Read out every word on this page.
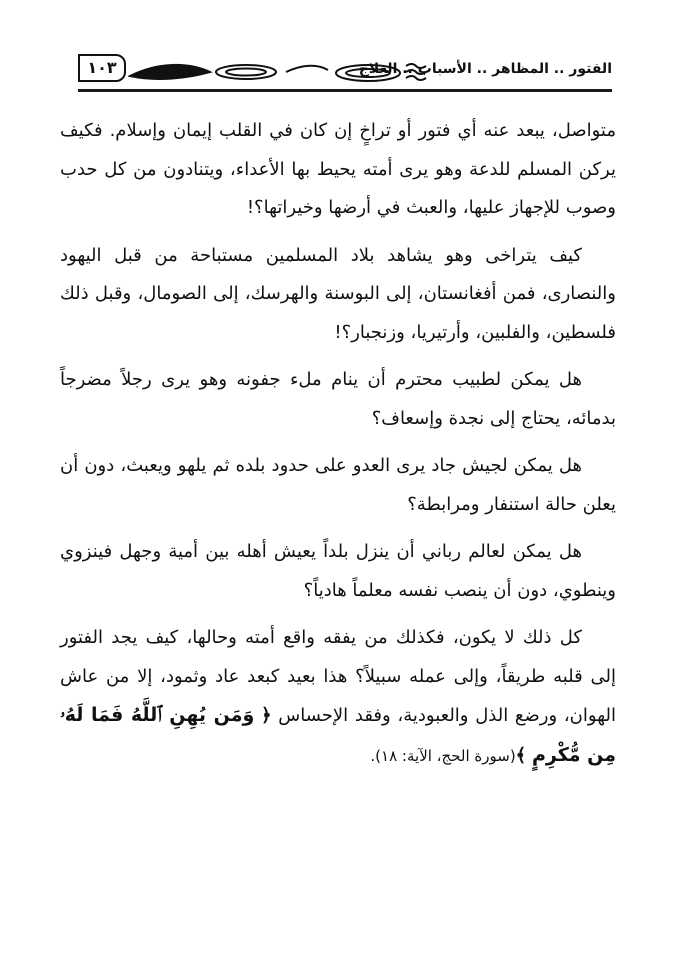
الفتور .. المظاهر .. الأسباب .. العلاج
١٠٣

متواصل، يبعد عنه أي فتور أو تراخٍ إن كان في القلب إيمان وإسلام. فكيف يركن المسلم للدعة وهو يرى أمته يحيط بها الأعداء، ويتنادون من كل حدب وصوب للإجهاز عليها، والعبث في أرضها وخيراتها؟!

كيف يتراخى وهو يشاهد بلاد المسلمين مستباحة من قبل اليهود والنصارى، فمن أفغانستان، إلى البوسنة والهرسك، إلى الصومال، وقبل ذلك فلسطين، والفلبين، وأرتيريا، وزنجبار؟!

هل يمكن لطبيب محترم أن ينام ملء جفونه وهو يرى رجلاً مضرجاً بدمائه، يحتاج إلى نجدة وإسعاف؟

هل يمكن لجيش جاد يرى العدو على حدود بلده ثم يلهو ويعبث، دون أن يعلن حالة استنفار ومرابطة؟

هل يمكن لعالم رباني أن ينزل بلداً يعيش أهله بين أمية وجهل فينزوي وينطوي، دون أن ينصب نفسه معلماً هادياً؟

كل ذلك لا يكون، فكذلك من يفقه واقع أمته وحالها، كيف يجد الفتور إلى قلبه طريقاً، وإلى عمله سبيلاً؟ هذا بعيد كبعد عاد وثمود، إلا من عاش الهوان، ورضع الذل والعبودية، وفقد الإحساس ﴿ وَمَن يُهِنِ ٱللَّهُ فَمَا لَهُۥ مِن مُّكْرِمٍ ﴾(سورة الحج، الآية: ١٨).
